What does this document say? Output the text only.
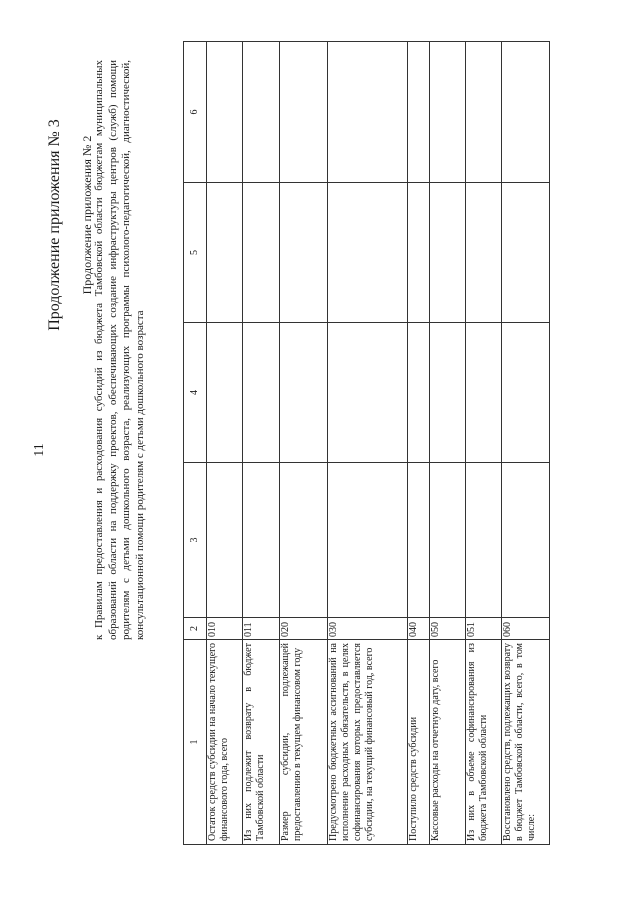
11
Продолжение приложения № 3 Продолжение приложения № 2 к Правилам предоставления и расходования субсидий из бюджета Тамбовской области бюджетам муниципальных образований области на поддержку проектов, обеспечивающих создание инфраструктуры центров (служб) помощи родителям с детьми дошкольного возраста, реализующих программы психолого-педагогической, диагностической, консультационной помощи родителям с детьми дошкольного возраста
1	2	3	4	5	6
Остаток средств субсидии на начало текущего финансового года, всего	010				
Из них подлежит возврату в бюджет Тамбовской области	011				
Размер субсидии, подлежащей предоставлению в текущем финансовом году	020				
Предусмотрено бюджетных ассигнований на исполнение расходных обязательств, в целях софинансирования которых предоставляется субсидии, на текущий финансовый год, всего	030				
Поступило средств субсидии	040				
Кассовые расходы на отчетную дату, всего	050				
Из них в объеме софинансирования из бюджета Тамбовской области	051				
Восстановлено средств, подлежащих возврату в бюджет Тамбовской области, всего, в том числе:	060				
